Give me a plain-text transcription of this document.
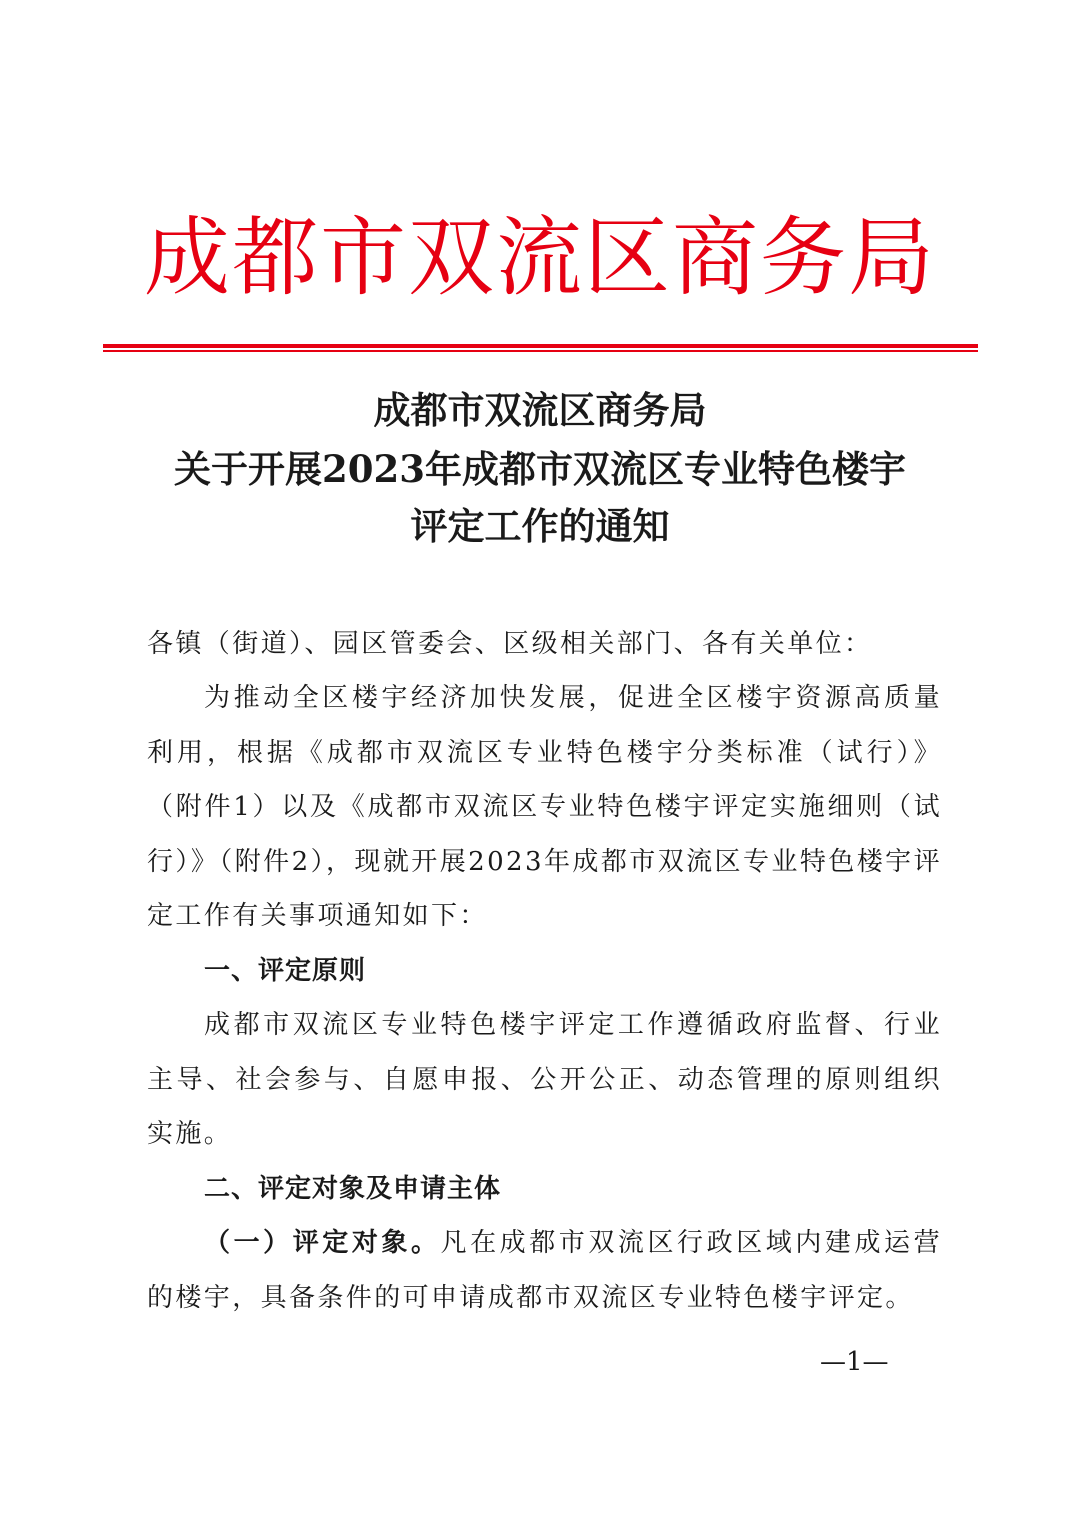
成都市双流区商务局
成都市双流区商务局
关于开展2023年成都市双流区专业特色楼宇
评定工作的通知

各镇（街道）、园区管委会、区级相关部门、各有关单位：

为推动全区楼宇经济加快发展，促进全区楼宇资源高质量利用，根据《成都市双流区专业特色楼宇分类标准（试行）》（附件1）以及《成都市双流区专业特色楼宇评定实施细则（试行）》（附件2），现就开展2023年成都市双流区专业特色楼宇评定工作有关事项通知如下：

一、评定原则

成都市双流区专业特色楼宇评定工作遵循政府监督、行业主导、社会参与、自愿申报、公开公正、动态管理的原则组织实施。

二、评定对象及申请主体

（一）评定对象。凡在成都市双流区行政区域内建成运营的楼宇，具备条件的可申请成都市双流区专业特色楼宇评定。

—1—
